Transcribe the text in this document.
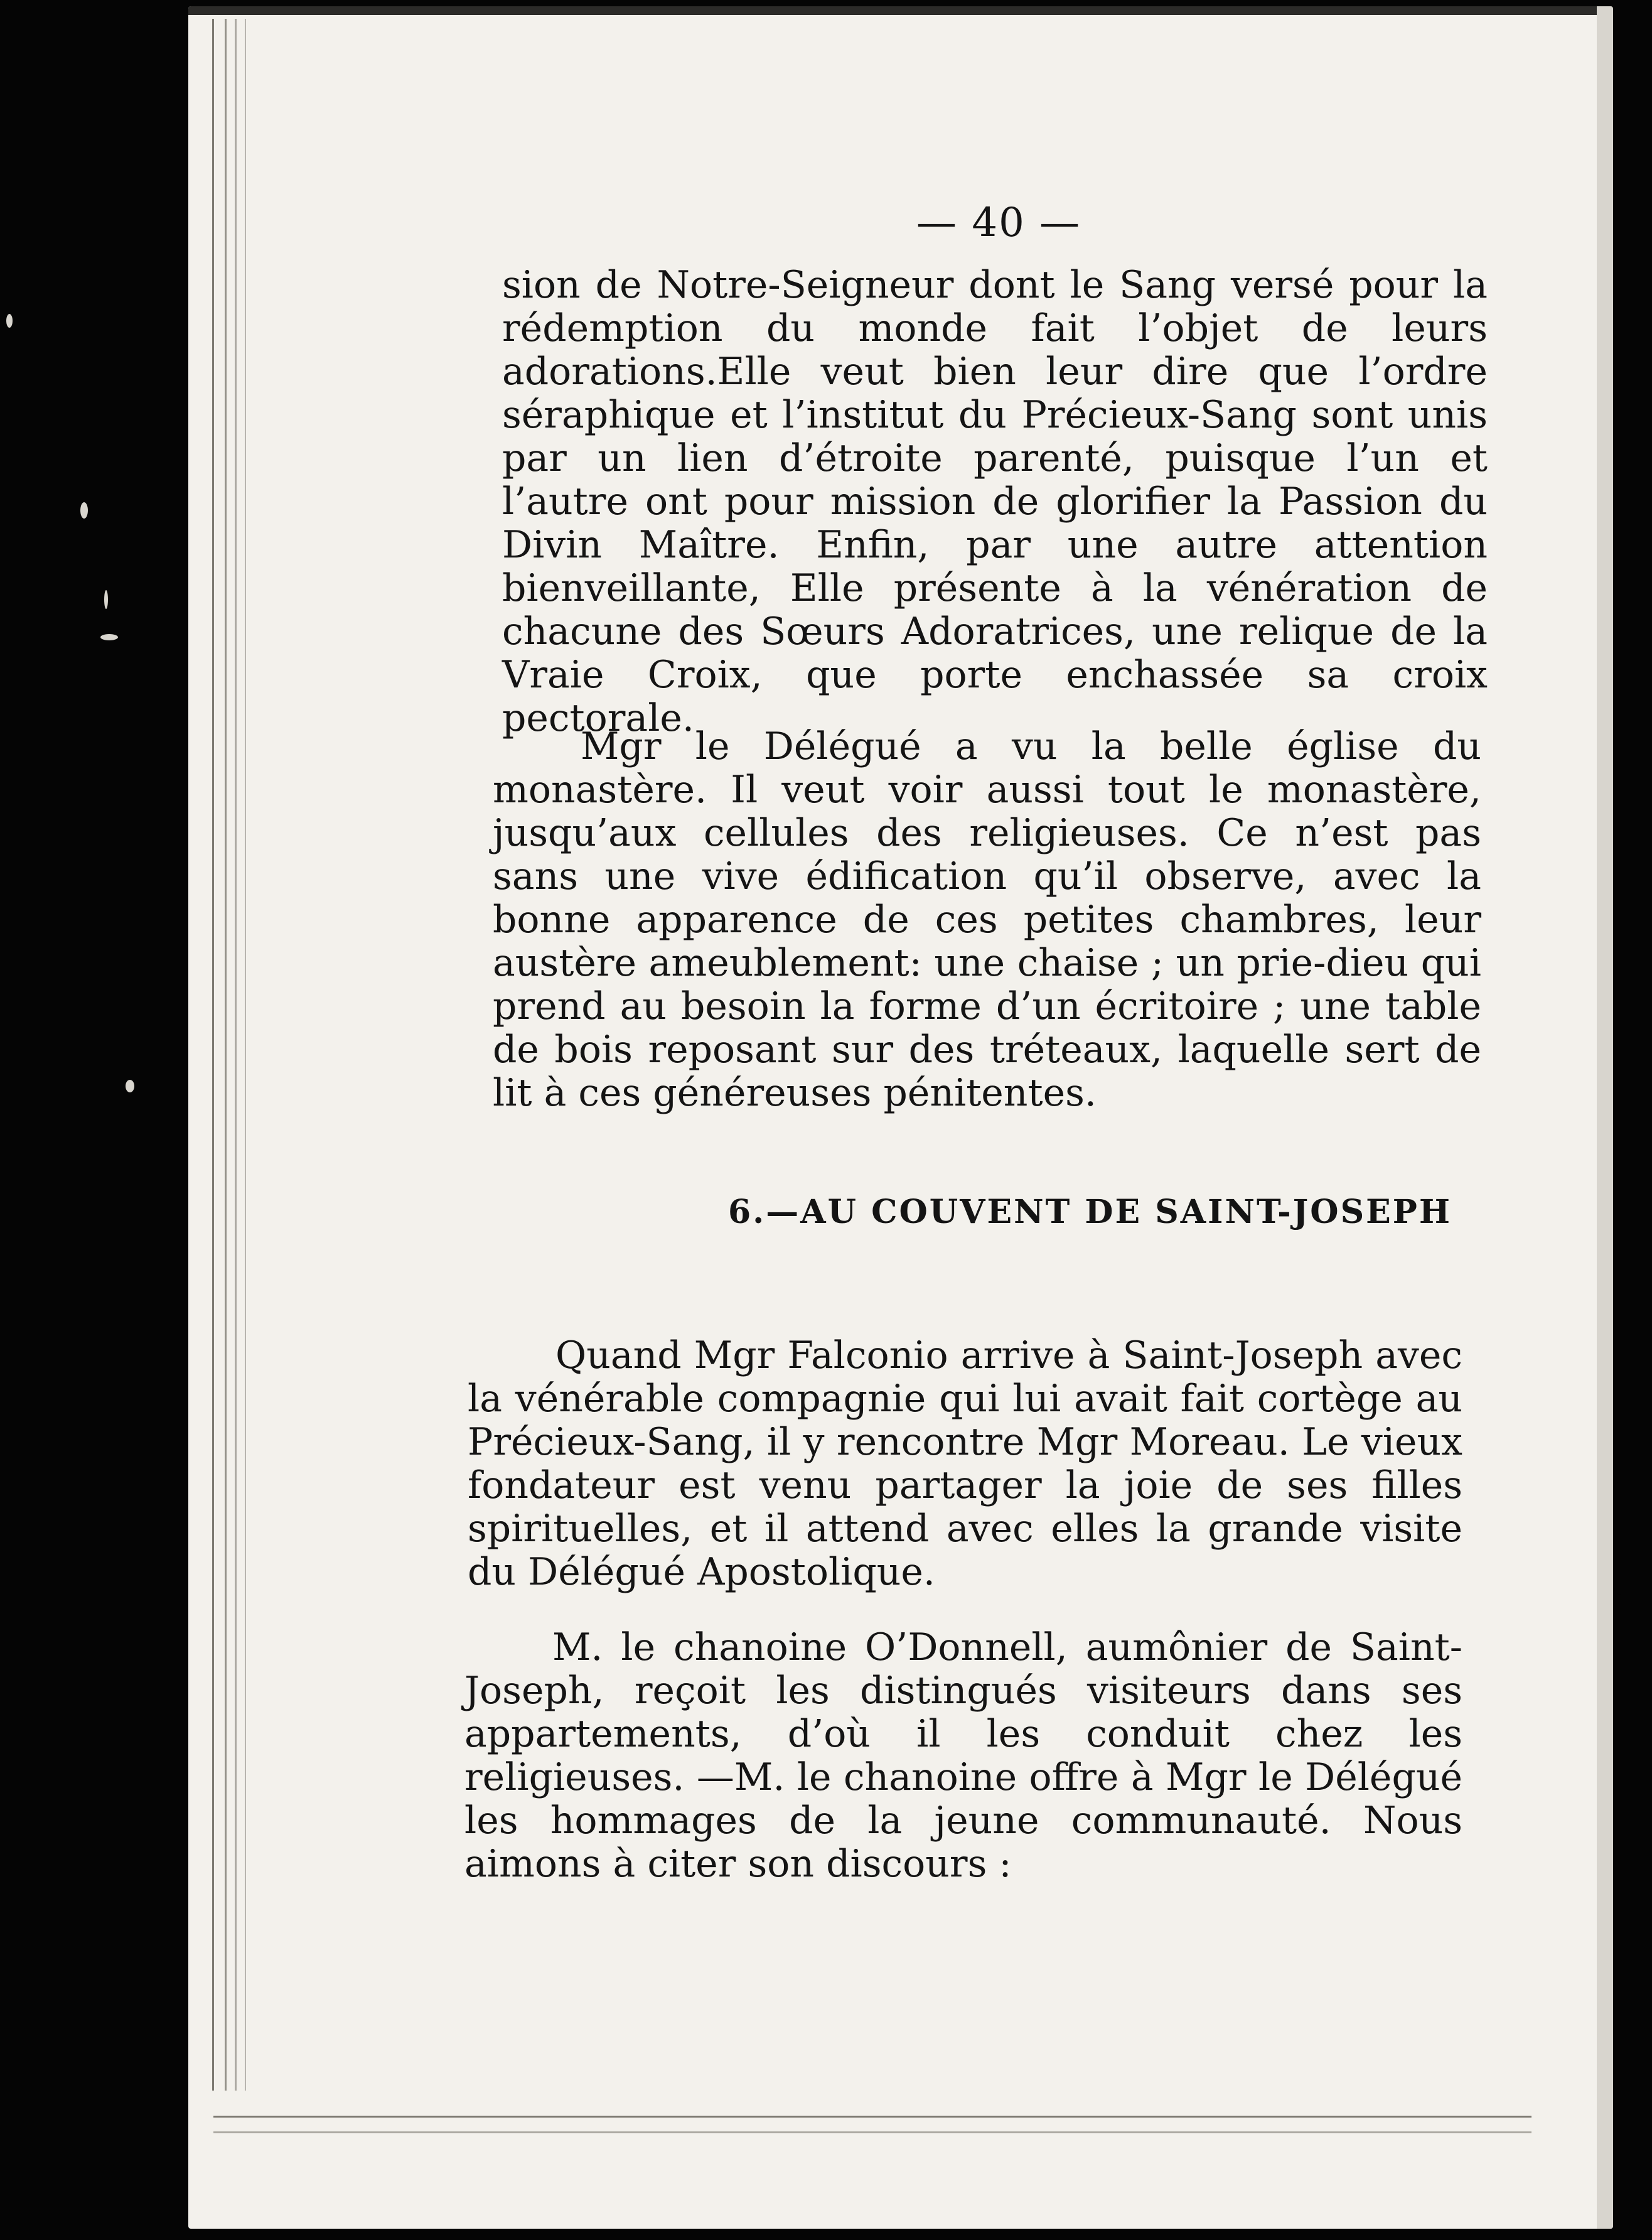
— 40 —

sion de Notre-Seigneur dont le Sang versé pour la rédemption du monde fait l’objet de leurs adorations.Elle veut bien leur dire que l’ordre séraphique et l’institut du Précieux-Sang sont unis par un lien d’étroite parenté, puisque l’un et l’autre ont pour mission de glorifier la Passion du Divin Maître. Enfin, par une autre attention bienveillante, Elle présente à la vénération de chacune des Sœurs Adoratrices, une relique de la Vraie Croix, que porte enchassée sa croix pectorale.

Mgr le Délégué a vu la belle église du monastère. Il veut voir aussi tout le monastère, jusqu’aux cellules des religieuses. Ce n’est pas sans une vive édification qu’il observe, avec la bonne apparence de ces petites chambres, leur austère ameublement: une chaise ; un prie-dieu qui prend au besoin la forme d’un écritoire ; une table de bois reposant sur des tréteaux, laquelle sert de lit à ces généreuses pénitentes.

6.—AU COUVENT DE SAINT-JOSEPH

Quand Mgr Falconio arrive à Saint-Joseph avec la vénérable compagnie qui lui avait fait cortège au Précieux-Sang, il y rencontre Mgr Moreau. Le vieux fondateur est venu partager la joie de ses filles spirituelles, et il attend avec elles la grande visite du Délégué Apostolique.

M. le chanoine O’Donnell, aumônier de Saint-Joseph, reçoit les distingués visiteurs dans ses appartements, d’où il les conduit chez les religieuses. —M. le chanoine offre à Mgr le Délégué les hommages de la jeune communauté. Nous aimons à citer son discours :
